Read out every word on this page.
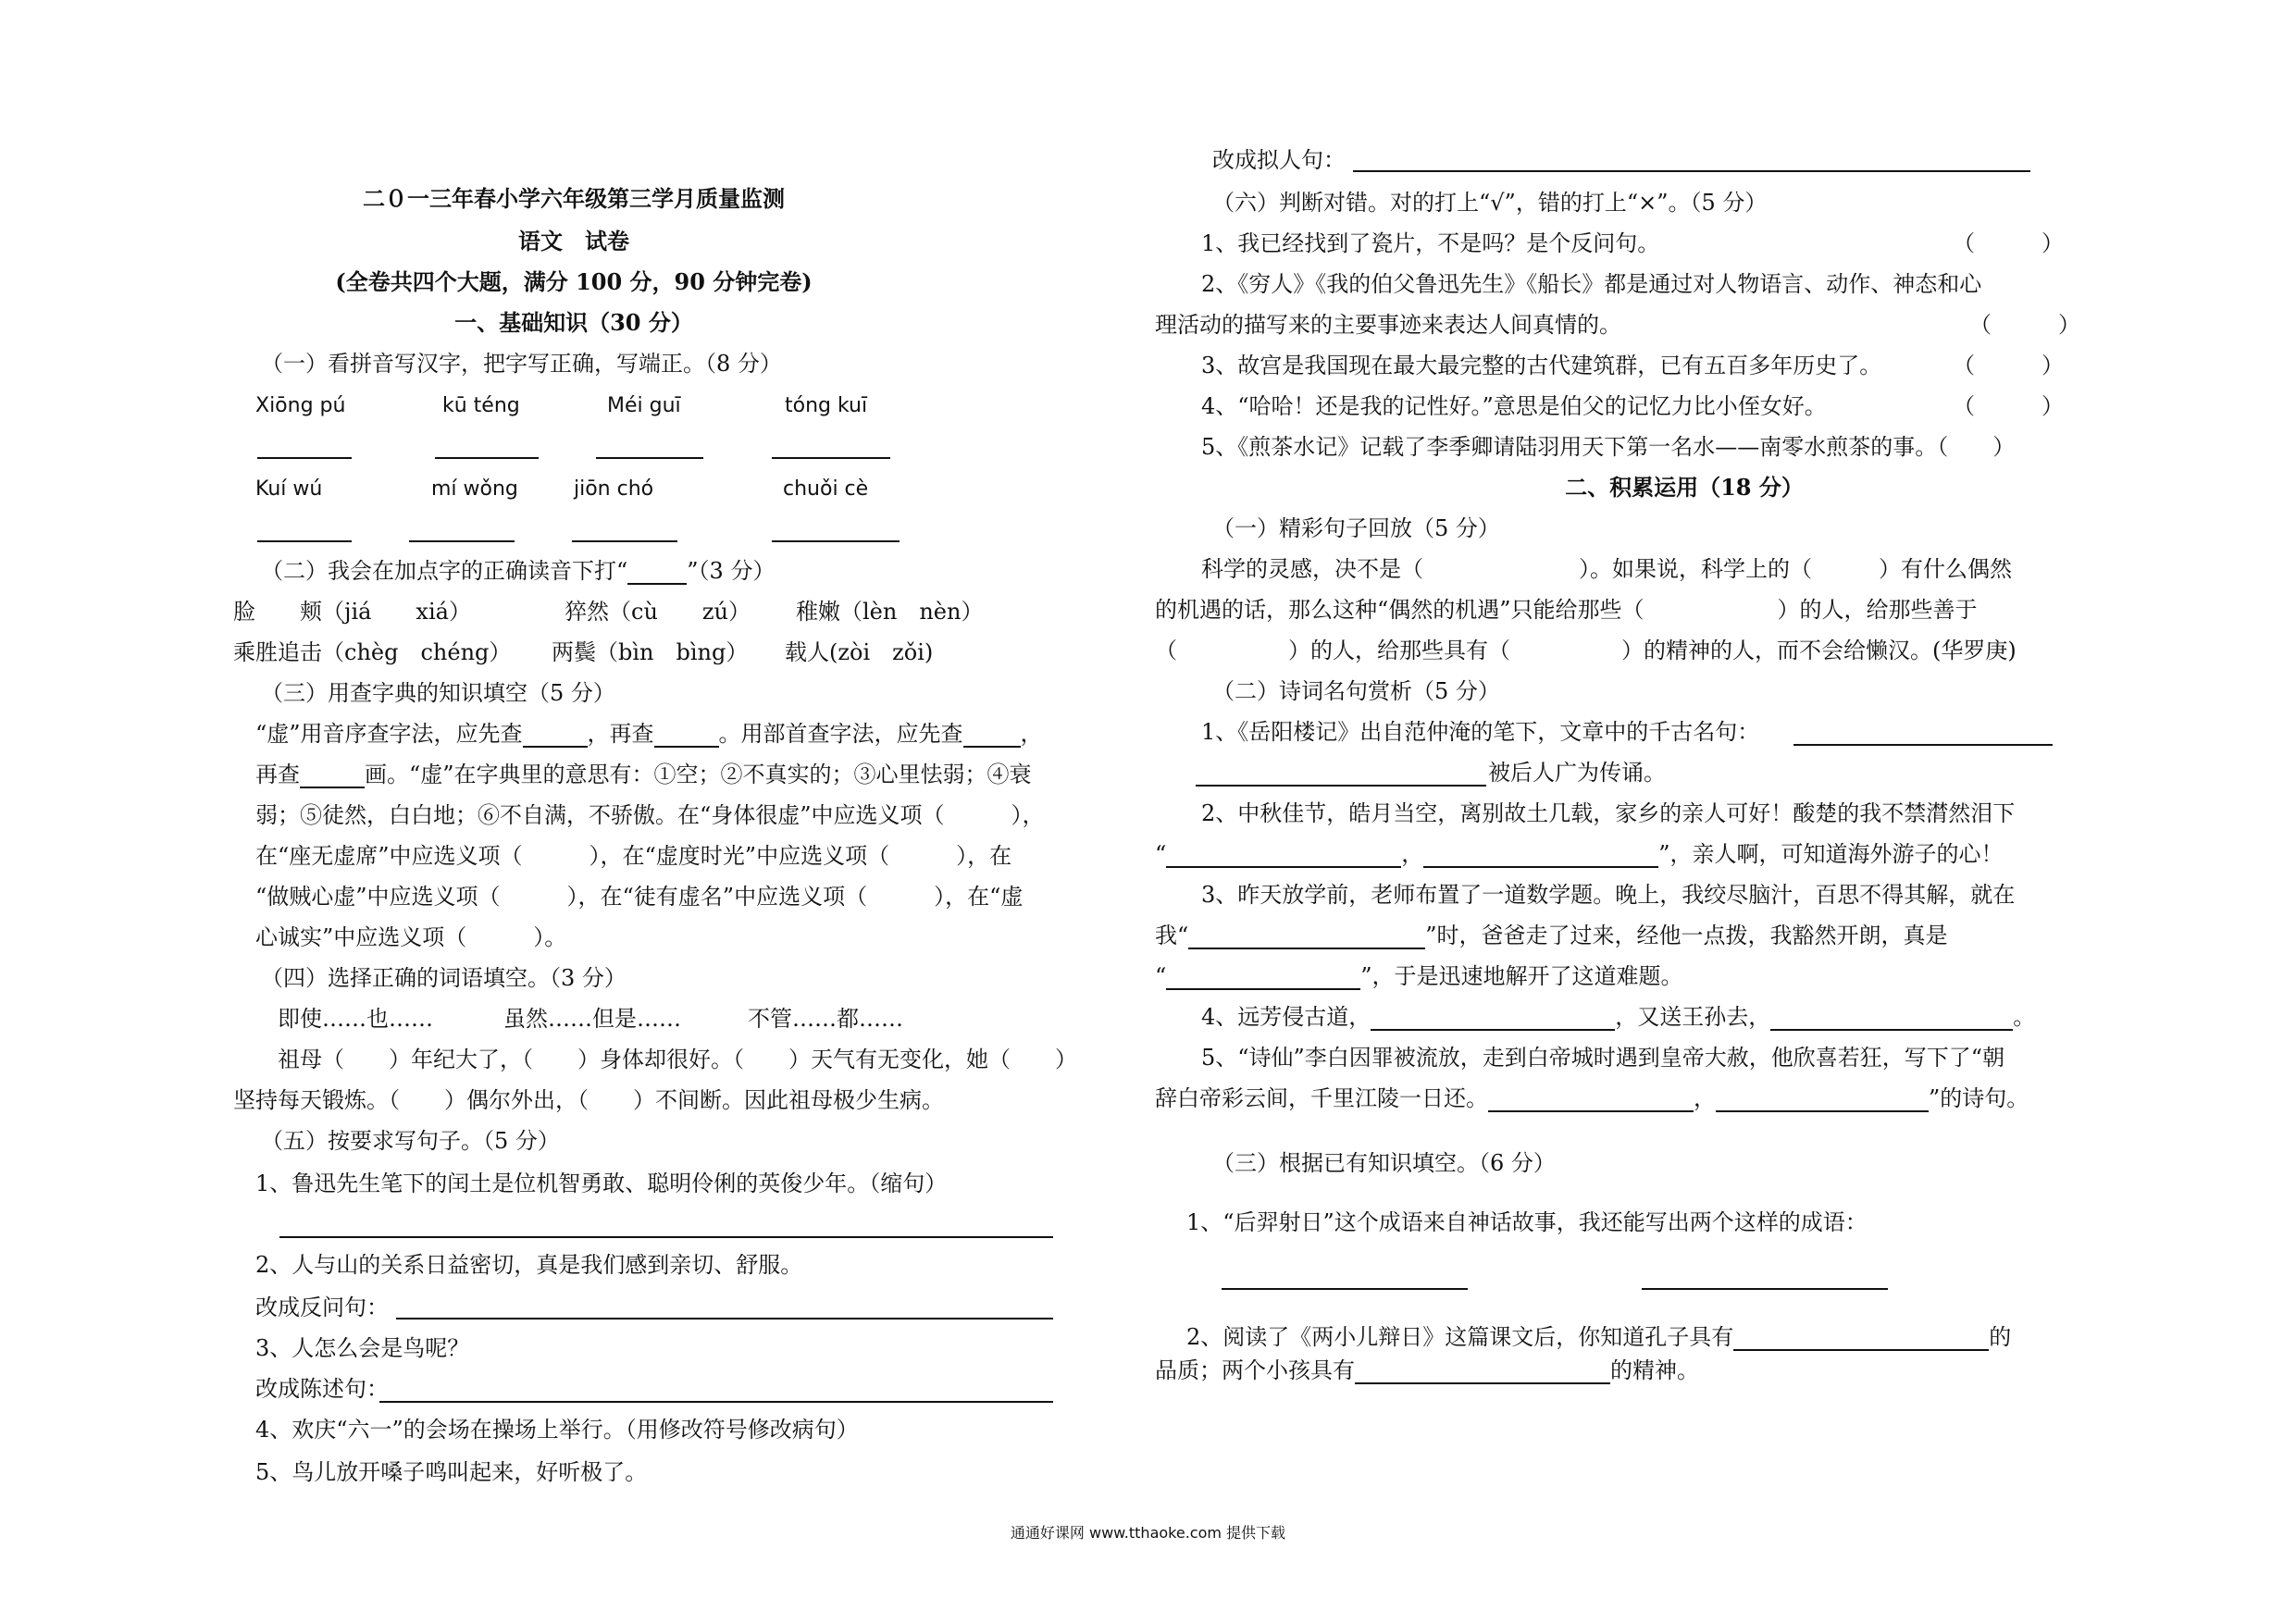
二０一三年春小学六年级第三学月质量监测
语文　试卷
(全卷共四个大题，满分 100 分，90 分钟完卷)
一、基础知识（30 分）
（一）看拼音写汉字，把字写正确，写端正。（8 分）
Xiōng pú	kū téng	Méi guī	tóng kuī
Kuí wú	mí wǒng	jiōn chó	chuǒi cè
（二）我会在加点字的正确读音下打“	”（3 分）
脸　　颊（jiá　　xiá）	猝然（cù　　zú） 稚嫩（lèn　nèn）
乘胜追击（chèg　chéng） 两鬓（bìn　bìng） 载人(zòi　zǒi)
（三）用查字典的知识填空（5 分）
“虚”用音序查字法，应先查	，再查	。用部首查字法，应先查	，
再查	画。“虚”在字典里的意思有：①空；②不真实的；③心里怯弱；④衰
弱；⑤徒然，白白地；⑥不自满，不骄傲。在“身体很虚”中应选义项（　　　），
在“座无虚席”中应选义项（　　　），在“虚度时光”中应选义项（　　　），在
“做贼心虚”中应选义项（　　　），在“徒有虚名”中应选义项（　　　），在“虚
心诚实”中应选义项（　　　）。
（四）选择正确的词语填空。（3 分）
即使……也……	虽然……但是……	不管……都……
祖母（　　）年纪大了，（　　）身体却很好。（　　）天气有无变化，她（　　）
坚持每天锻炼。（　　）偶尔外出，（　　）不间断。因此祖母极少生病。
（五）按要求写句子。（5 分）
1、鲁迅先生笔下的闰土是位机智勇敢、聪明伶俐的英俊少年。（缩句）
2、人与山的关系日益密切，真是我们感到亲切、舒服。
改成反问句：
3、人怎么会是鸟呢？
改成陈述句：
4、欢庆“六一”的会场在操场上举行。（用修改符号修改病句）
5、鸟儿放开嗓子鸣叫起来，好听极了。
改成拟人句：
（六）判断对错。对的打上“√”，错的打上“×”。（5 分）
1、我已经找到了瓷片，不是吗？是个反问句。	（　　　）
2、《穷人》《我的伯父鲁迅先生》《船长》都是通过对人物语言、动作、神态和心
理活动的描写来的主要事迹来表达人间真情的。	（　　　）
3、故宫是我国现在最大最完整的古代建筑群，已有五百多年历史了。	（　　　）
4、“哈哈！还是我的记性好。”意思是伯父的记忆力比小侄女好。	（　　　）
5、《煎茶水记》记载了李季卿请陆羽用天下第一名水——南零水煎茶的事。（　　）
二、积累运用（18 分）
（一）精彩句子回放（5 分）
科学的灵感，决不是（　　　　　　　）。如果说，科学上的（　　　）有什么偶然
的机遇的话，那么这种“偶然的机遇”只能给那些（　　　　　　）的人，给那些善于
（　　　　　）的人，给那些具有（　　　　　）的精神的人，而不会给懒汉。(华罗庚)
（二）诗词名句赏析（5 分）
1、《岳阳楼记》出自范仲淹的笔下，文章中的千古名句：
被后人广为传诵。
2、中秋佳节，皓月当空，离别故土几载，家乡的亲人可好！酸楚的我不禁潸然泪下
“	，	”，亲人啊，可知道海外游子的心！
3、昨天放学前，老师布置了一道数学题。晚上，我绞尽脑汁，百思不得其解，就在
我“	”时，爸爸走了过来，经他一点拨，我豁然开朗，真是
“	”，于是迅速地解开了这道难题。
4、远芳侵古道，	，又送王孙去，	。
5、“诗仙”李白因罪被流放，走到白帝城时遇到皇帝大赦，他欣喜若狂，写下了“朝
辞白帝彩云间，千里江陵一日还。	，	”的诗句。
（三）根据已有知识填空。（6 分）
1、“后羿射日”这个成语来自神话故事，我还能写出两个这样的成语：
2、阅读了《两小儿辩日》这篇课文后，你知道孔子具有	的
品质；两个小孩具有	的精神。
通通好课网 www.tthaoke.com 提供下载
